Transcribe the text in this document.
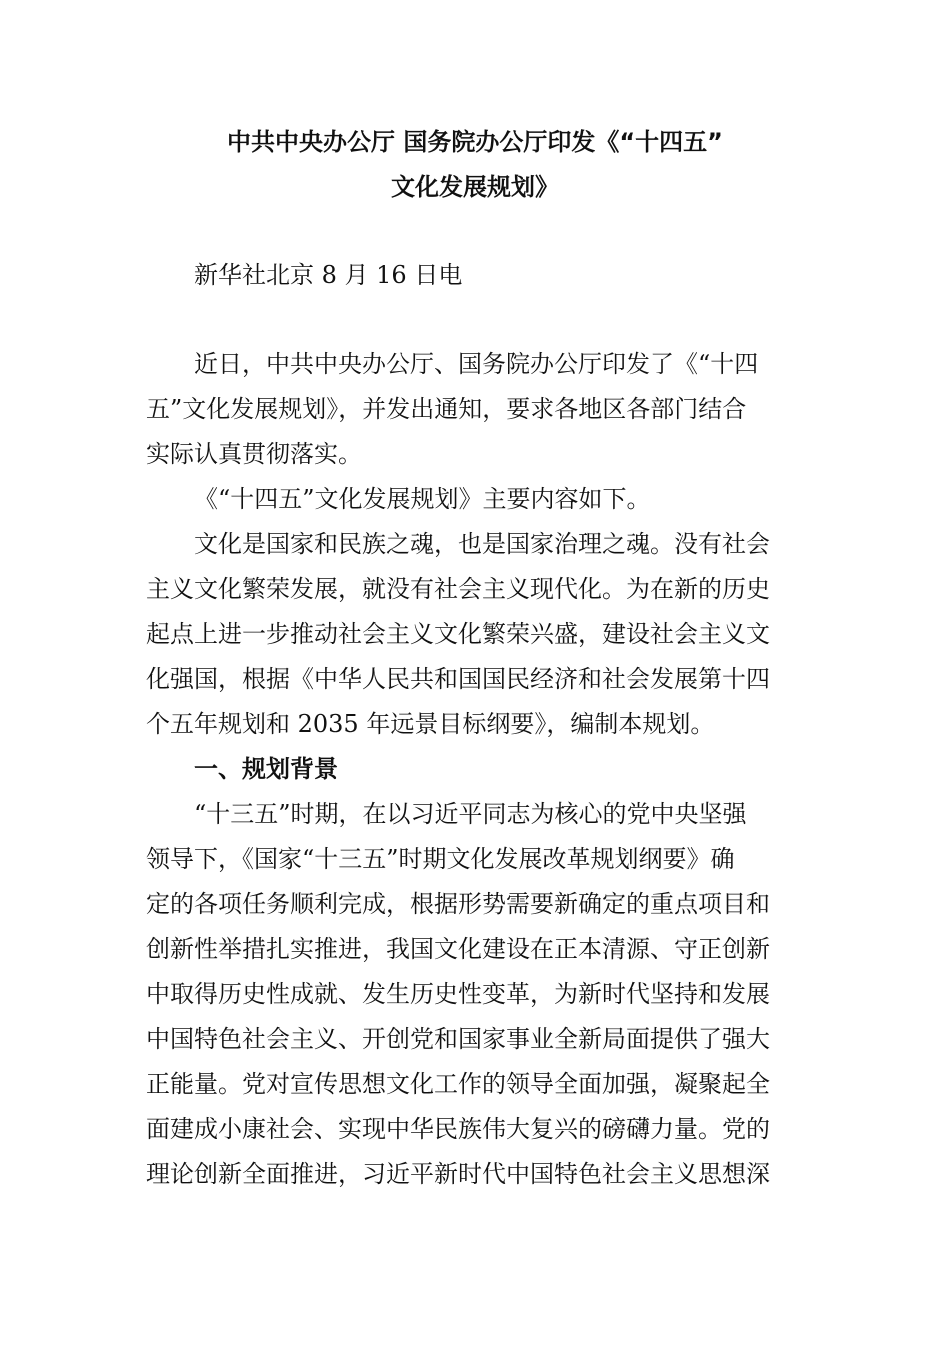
中共中央办公厅 国务院办公厅印发《“十四五”
文化发展规划》
新华社北京 8 月 16 日电
近日，中共中央办公厅、国务院办公厅印发了《“十四
五”文化发展规划》，并发出通知，要求各地区各部门结合
实际认真贯彻落实。
《“十四五”文化发展规划》主要内容如下。
文化是国家和民族之魂，也是国家治理之魂。没有社会
主义文化繁荣发展，就没有社会主义现代化。为在新的历史
起点上进一步推动社会主义文化繁荣兴盛，建设社会主义文
化强国，根据《中华人民共和国国民经济和社会发展第十四
个五年规划和 2035 年远景目标纲要》，编制本规划。
一、规划背景
“十三五”时期，在以习近平同志为核心的党中央坚强
领导下，《国家“十三五”时期文化发展改革规划纲要》确
定的各项任务顺利完成，根据形势需要新确定的重点项目和
创新性举措扎实推进，我国文化建设在正本清源、守正创新
中取得历史性成就、发生历史性变革，为新时代坚持和发展
中国特色社会主义、开创党和国家事业全新局面提供了强大
正能量。党对宣传思想文化工作的领导全面加强，凝聚起全
面建成小康社会、实现中华民族伟大复兴的磅礴力量。党的
理论创新全面推进，习近平新时代中国特色社会主义思想深
